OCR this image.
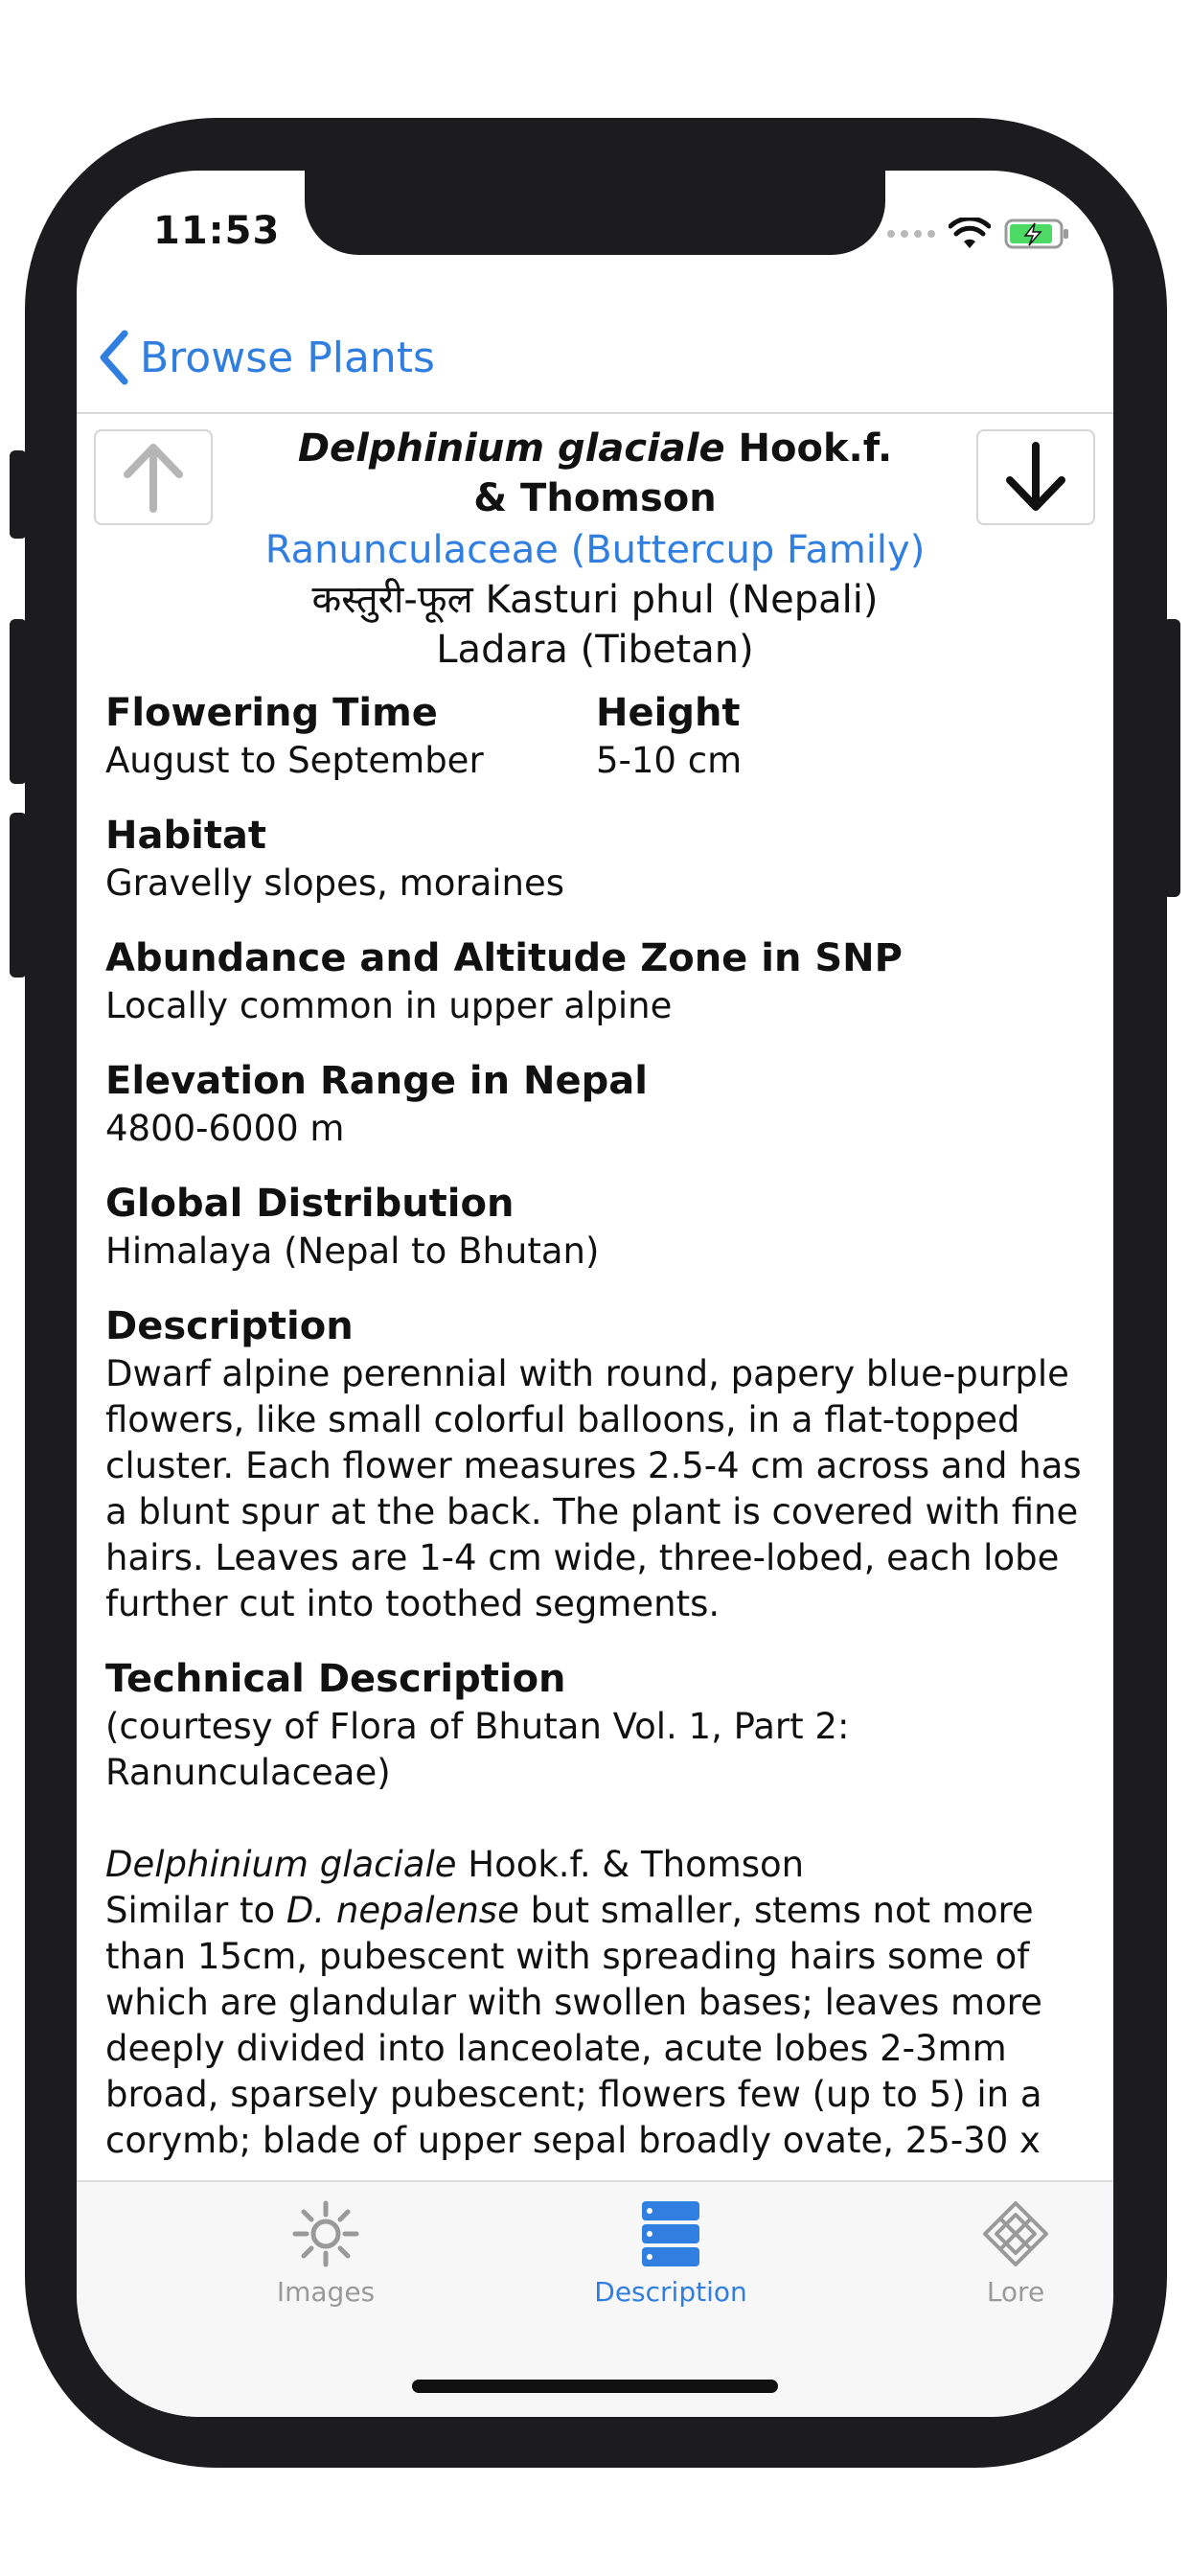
11:53
Browse Plants
Delphinium glaciale Hook.f.
& Thomson
Ranunculaceae (Buttercup Family)
कस्तुरी-फूल Kasturi phul (Nepali)
Ladara (Tibetan)
Flowering Time
August to September
Height
5-10 cm
Habitat
Gravelly slopes, moraines
Abundance and Altitude Zone in SNP
Locally common in upper alpine
Elevation Range in Nepal
4800-6000 m
Global Distribution
Himalaya (Nepal to Bhutan)
Description
Dwarf alpine perennial with round, papery blue-purple flowers, like small colorful balloons, in a flat-topped cluster. Each flower measures 2.5-4 cm across and has a blunt spur at the back. The plant is covered with fine hairs. Leaves are 1-4 cm wide, three-lobed, each lobe further cut into toothed segments.
Technical Description
(courtesy of Flora of Bhutan Vol. 1, Part 2: Ranunculaceae)
Delphinium glaciale Hook.f. & Thomson
Similar to D. nepalense but smaller, stems not more than 15cm, pubescent with spreading hairs some of which are glandular with swollen bases; leaves more deeply divided into lanceolate, acute lobes 2-3mm broad, sparsely pubescent; flowers few (up to 5) in a corymb; blade of upper sepal broadly ovate, 25-30 x
Images	Description	Lore
